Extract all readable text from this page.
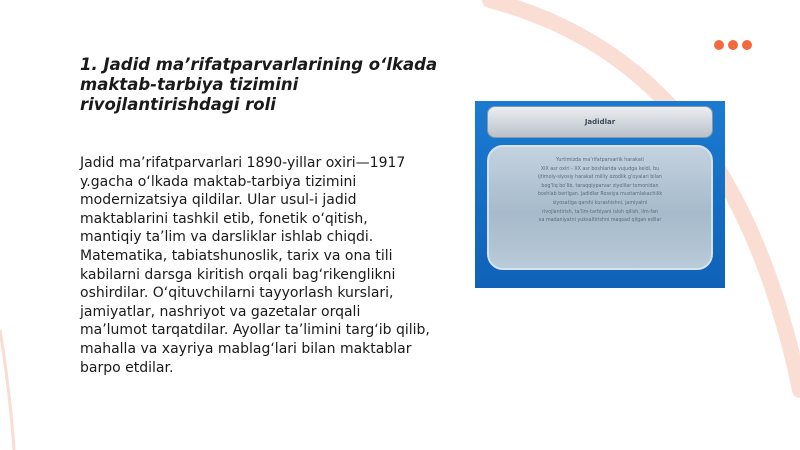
1. Jadid ma’rifatparvarlarining o‘lkada maktab-tarbiya tizimini rivojlantirishdagi roli

Jadid ma’rifatparvarlari 1890-yillar oxiri—1917 y.gacha o‘lkada maktab-tarbiya tizimini modernizatsiya qildilar. Ular usul-i jadid maktablarini tashkil etib, fonetik o‘qitish, mantiqiy ta’lim va darsliklar ishlab chiqdi. Matematika, tabiatshunoslik, tarix va ona tili kabilarni darsga kiritish orqali bag‘rikenglikni oshirdilar. O‘qituvchilarni tayyorlash kurslari, jamiyatlar, nashriyot va gazetalar orqali ma’lumot tarqatdilar. Ayollar ta’limini targ‘ib qilib, mahalla va xayriya mablag‘lari bilan maktablar barpo etdilar.

Jadidlar
Yurtimizda ma’rifatparvarlik harakati
XIX asr oxiri - XX asr boshlarida vujudga keldi, bu
ijtimoiy-siyosiy harakat milliy ozodlik g‘oyalari bilan
bog‘liq bo‘lib, taraqqiyparvar ziyolilar tomonidan
boshlab berilgan. Jadidlar Rossiya mustamlakachilik
siyosatiga qarshi kurashishni, jamiyatni
rivojlantirish, ta’lim-tarbiyani isloh qilish, ilm-fan
va madaniyatni yuksaltirishni maqsad qilgan edilar
